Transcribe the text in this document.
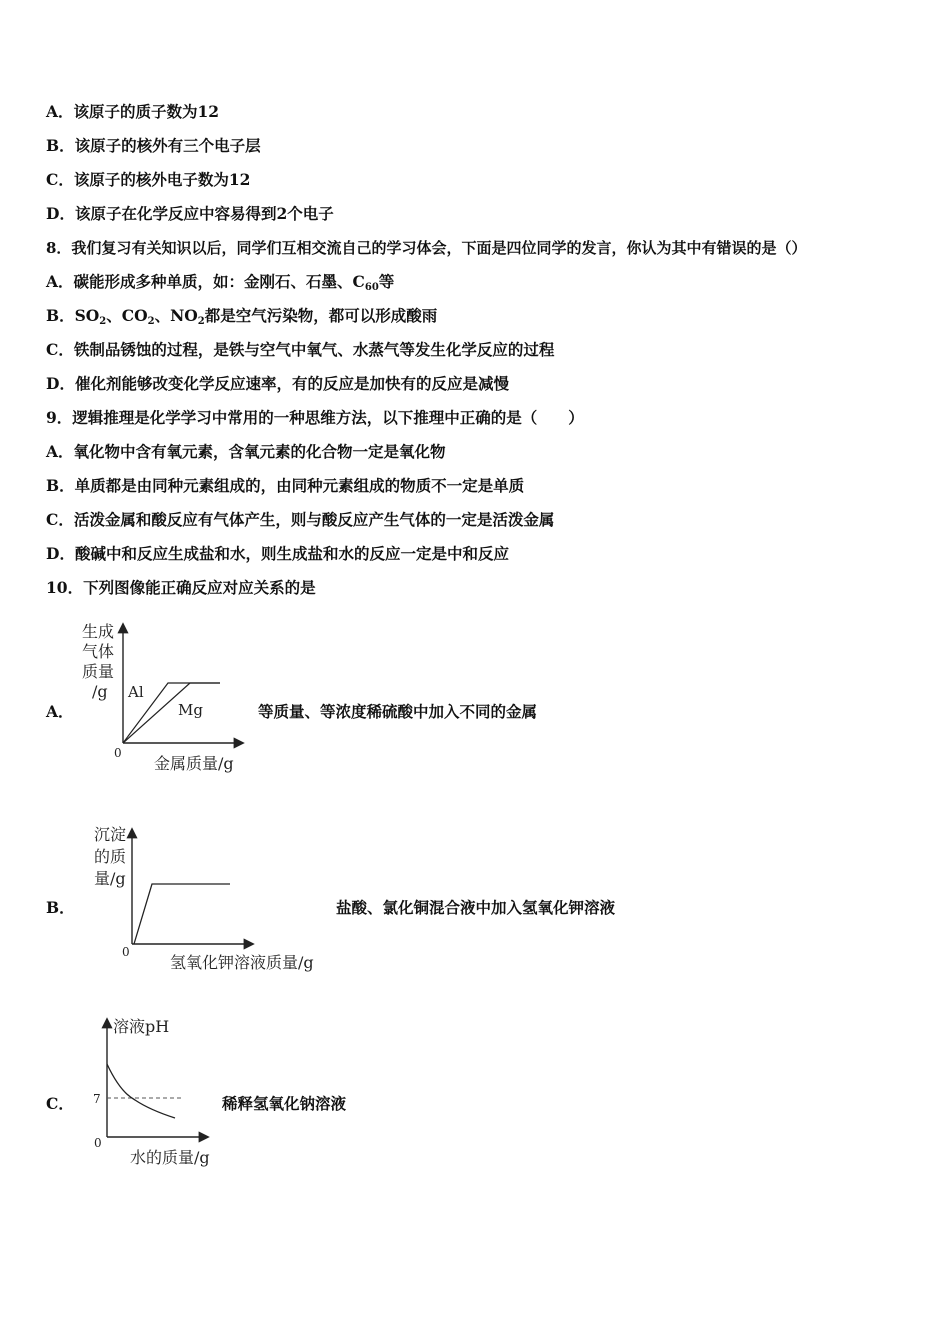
A．该原子的质子数为12
B．该原子的核外有三个电子层
C．该原子的核外电子数为12
D．该原子在化学反应中容易得到2个电子
8．我们复习有关知识以后，同学们互相交流自己的学习体会，下面是四位同学的发言，你认为其中有错误的是（）
A．碳能形成多种单质，如：金刚石、石墨、$C_{60}$等
B．$SO_2$、$CO_2$、$NO_2$都是空气污染物，都可以形成酸雨
C．铁制品锈蚀的过程，是铁与空气中氧气、水蒸气等发生化学反应的过程
D．催化剂能够改变化学反应速率，有的反应是加快有的反应是减慢
9．逻辑推理是化学学习中常用的一种思维方法，以下推理中正确的是（　　）
A．氧化物中含有氧元素，含氧元素的化合物一定是氧化物
B．单质都是由同种元素组成的，由同种元素组成的物质不一定是单质
C．活泼金属和酸反应有气体产生，则与酸反应产生气体的一定是活泼金属
D．酸碱中和反应生成盐和水，则生成盐和水的反应一定是中和反应
10．下列图像能正确反应对应关系的是
A．
生成
气体
质量
/g Al
Mg
0
金属质量/g
等质量、等浓度稀硫酸中加入不同的金属
B．
沉淀
的质
量/g
0
氢氧化钾溶液质量/g
盐酸、氯化铜混合液中加入氢氧化钾溶液
C．
溶液pH
7
0
水的质量/g
稀释氢氧化钠溶液
